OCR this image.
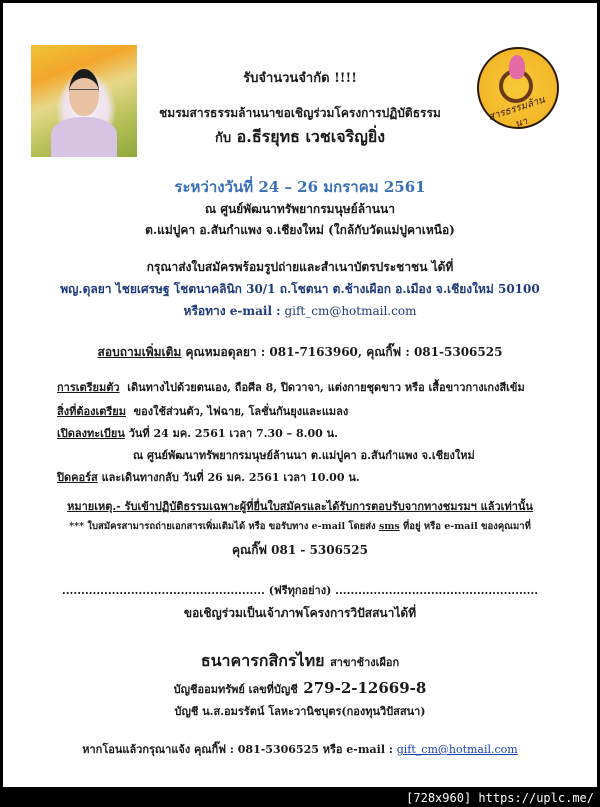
สารธรรมล้านนา
รับจำนวนจำกัด !!!!
ชมรมสารธรรมล้านนาขอเชิญร่วมโครงการปฏิบัติธรรม
กับ อ.ธีรยุทธ เวชเจริญยิ่ง
ระหว่างวันที่ 24 – 26 มกราคม 2561
ณ ศูนย์พัฒนาทรัพยากรมนุษย์ล้านนา
ต.แม่ปูคา อ.สันกำแพง จ.เชียงใหม่ (ใกล้กับวัดแม่ปูคาเหนือ)
กรุณาส่งใบสมัครพร้อมรูปถ่ายและสำเนาบัตรประชาชน ได้ที่
พญ.ดุลยา ไชยเศรษฐ โชตนาคลินิก 30/1 ถ.โชตนา ต.ช้างเผือก อ.เมือง จ.เชียงใหม่ 50100
หรือทาง e-mail : gift_cm@hotmail.com
สอบถามเพิ่มเติม คุณหมอดุลยา : 081-7163960, คุณกิ๊ฟ : 081-5306525
การเตรียมตัว เดินทางไปด้วยตนเอง, ถือศีล 8, ปิดวาจา, แต่งกายชุดขาว หรือ เสื้อขาวกางเกงสีเข้ม
สิ่งที่ต้องเตรียม ของใช้ส่วนตัว, ไฟฉาย, โลชั่นกันยุงและแมลง
เปิดลงทะเบียน วันที่ 24 มค. 2561 เวลา 7.30 – 8.00 น.
ณ ศูนย์พัฒนาทรัพยากรมนุษย์ล้านนา ต.แม่ปูคา อ.สันกำแพง จ.เชียงใหม่
ปิดคอร์ส และเดินทางกลับ วันที่ 26 มค. 2561 เวลา 10.00 น.
หมายเหตุ.- รับเข้าปฏิบัติธรรมเฉพาะผู้ที่ยื่นใบสมัครและได้รับการตอบรับจากทางชมรมฯ แล้วเท่านั้น
*** ใบสมัครสามารถถ่ายเอกสารเพิ่มเติมได้ หรือ ขอรับทาง e-mail โดยส่ง sms ที่อยู่ หรือ e-mail ของคุณมาที่
คุณกิ๊ฟ 081 - 5306525
..................................................... (ฟรีทุกอย่าง) .....................................................
ขอเชิญร่วมเป็นเจ้าภาพโครงการวิปัสสนาได้ที่
ธนาคารกสิกรไทย สาขาช้างเผือก
บัญชีออมทรัพย์ เลขที่บัญชี 279-2-12669-8
บัญชี น.ส.อมรรัตน์ โลหะวานิชบุตร(กองทุนวิปัสสนา)
หากโอนแล้วกรุณาแจ้ง คุณกิ๊ฟ : 081-5306525 หรือ e-mail : gift_cm@hotmail.com
[728x960] https://uplc.me/
